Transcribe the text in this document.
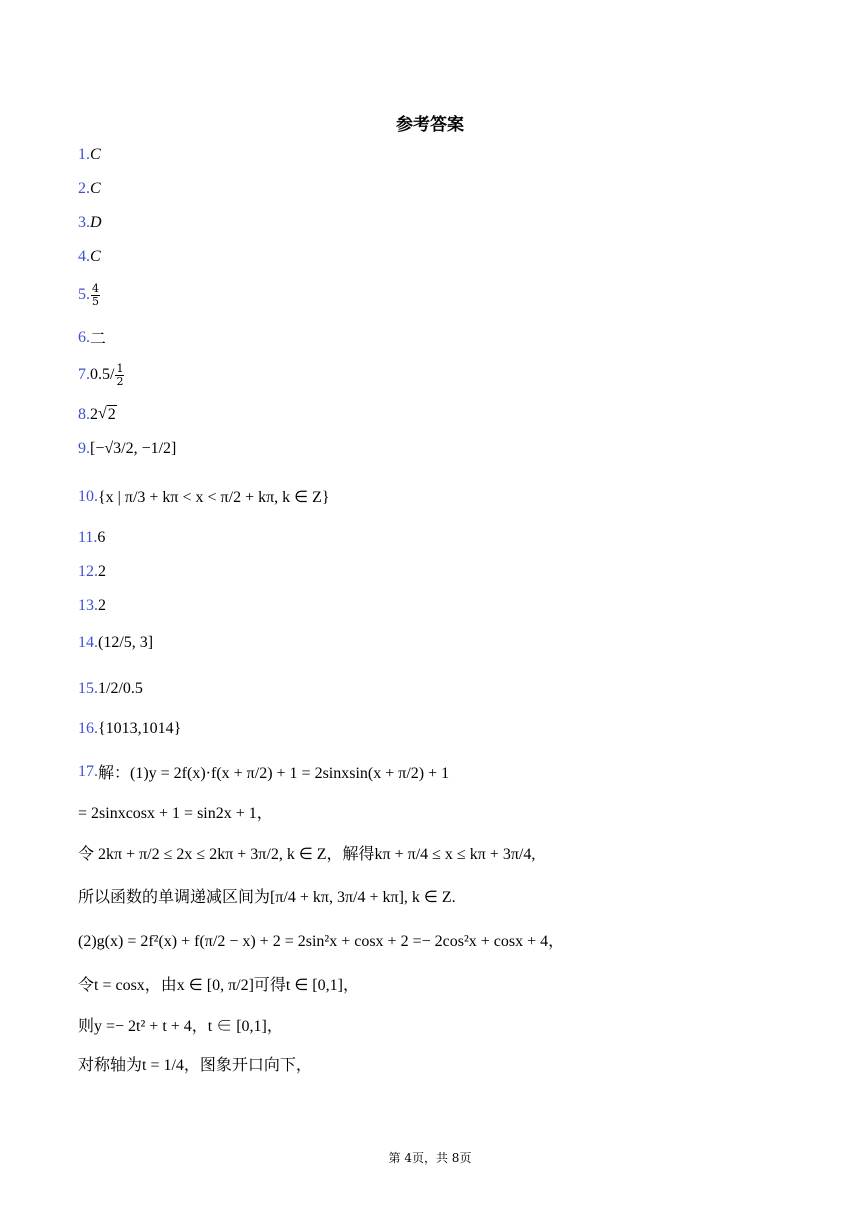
参考答案
1. C
2. C
3. D
4. C
5. $\frac{4}{5}$
6. 二
7. $0.5/ \frac{1}{2}$
8. 2 √ 2
9. [−√3/2, −1/2]
10. {x | π/3 + kπ < x < π/2 + kπ, k ∈ Z}
11. 6
12. 2
13. 2
14. (12/5, 3]
15. 1/2/0.5
16. {1013,1014}
17. 解：(1)y = 2f(x)·f(x + π/2) + 1 = 2sinxsin(x + π/2) + 1
= 2sinxcosx + 1 = sin2x + 1，
令 2kπ + π/2 ≤ 2x ≤ 2kπ + 3π/2, k ∈ Z，解得kπ + π/4 ≤ x ≤ kπ + 3π/4,
所以函数的单调递减区间为[π/4 + kπ, 3π/4 + kπ], k ∈ Z.
(2)g(x) = 2f²(x) + f(π/2 − x) + 2 = 2sin²x + cosx + 2 =− 2cos²x + cosx + 4，
令t = cosx，由x ∈ [0, π/2]可得t ∈ [0,1]，
则y =− 2t² + t + 4，t ∈ [0,1]，
对称轴为t = 1/4，图象开口向下，
第 4页，共 8页
